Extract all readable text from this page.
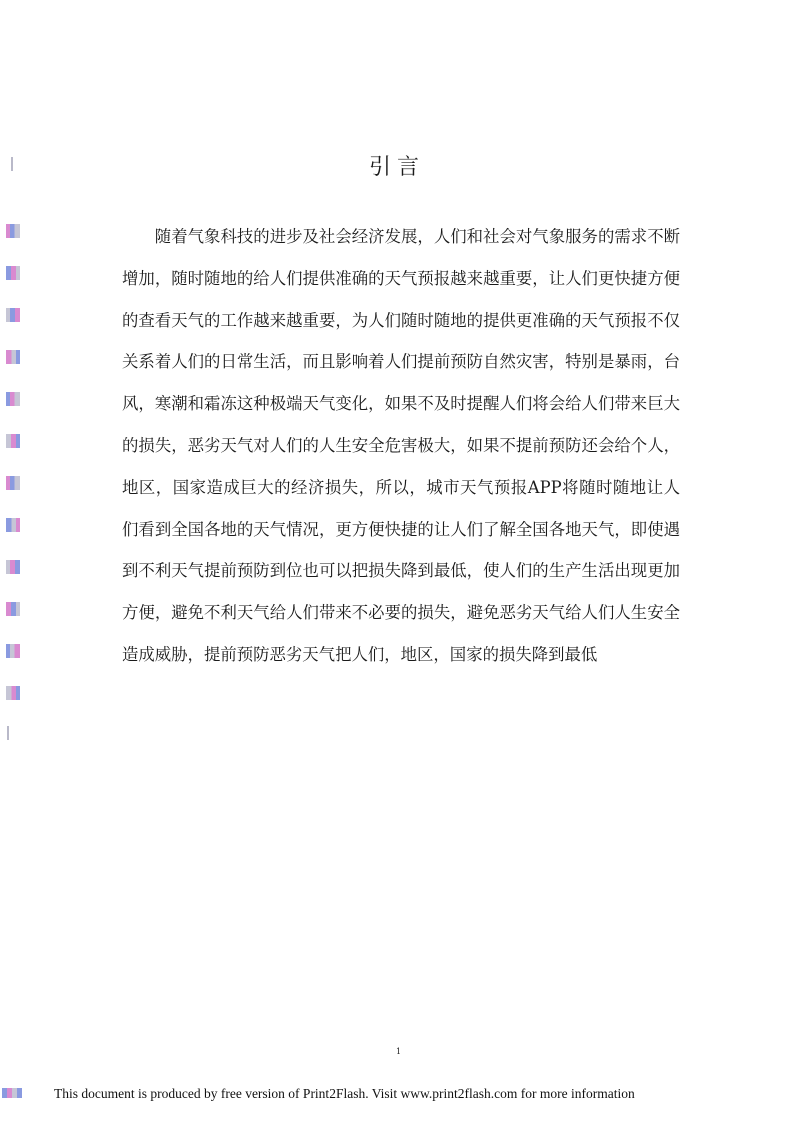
引言

随着气象科技的进步及社会经济发展，人们和社会对气象服务的需求不断增加，随时随地的给人们提供准确的天气预报越来越重要，让人们更快捷方便的查看天气的工作越来越重要，为人们随时随地的提供更准确的天气预报不仅关系着人们的日常生活，而且影响着人们提前预防自然灾害，特别是暴雨，台风，寒潮和霜冻这种极端天气变化，如果不及时提醒人们将会给人们带来巨大的损失，恶劣天气对人们的人生安全危害极大，如果不提前预防还会给个人，地区，国家造成巨大的经济损失，所以，城市天气预报APP将随时随地让人们看到全国各地的天气情况，更方便快捷的让人们了解全国各地天气，即使遇到不利天气提前预防到位也可以把损失降到最低，使人们的生产生活出现更加方便，避免不利天气给人们带来不必要的损失，避免恶劣天气给人们人生安全造成威胁，提前预防恶劣天气把人们，地区，国家的损失降到最低

1
This document is produced by free version of Print2Flash. Visit www.print2flash.com for more information
